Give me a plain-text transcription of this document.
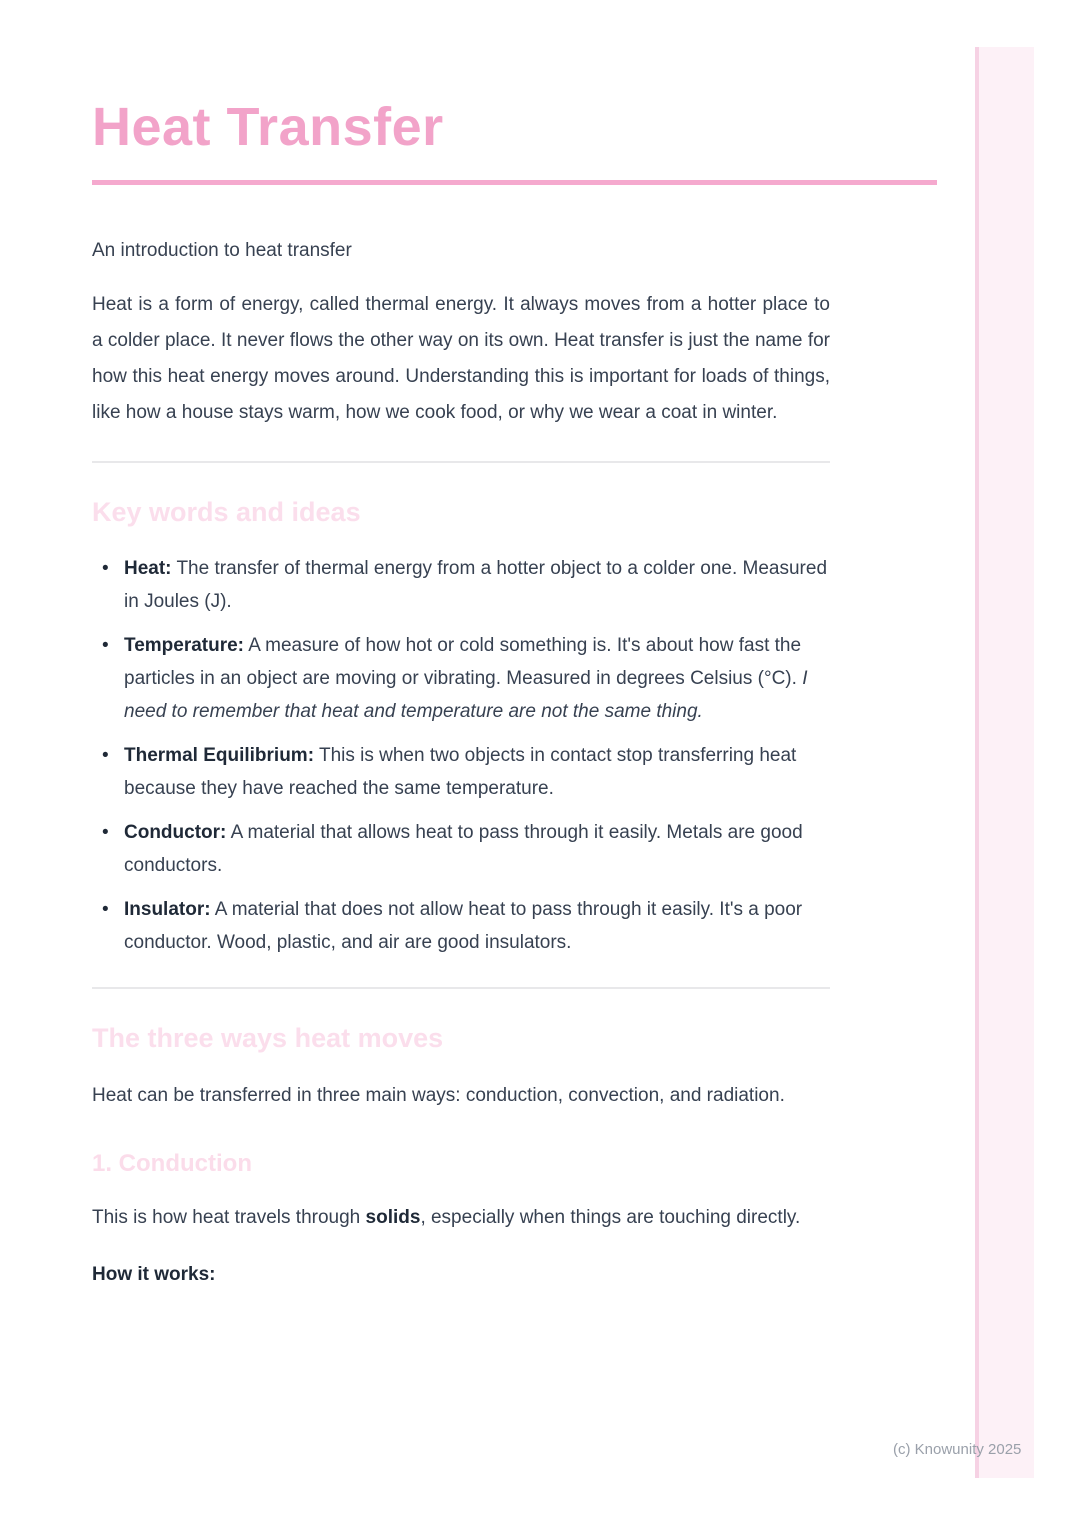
Heat Transfer

An introduction to heat transfer

Heat is a form of energy, called thermal energy. It always moves from a hotter place to a colder place. It never flows the other way on its own. Heat transfer is just the name for how this heat energy moves around. Understanding this is important for loads of things, like how a house stays warm, how we cook food, or why we wear a coat in winter.

Key words and ideas
• Heat: The transfer of thermal energy from a hotter object to a colder one. Measured in Joules (J).
• Temperature: A measure of how hot or cold something is. It's about how fast the particles in an object are moving or vibrating. Measured in degrees Celsius (°C). I need to remember that heat and temperature are not the same thing.
• Thermal Equilibrium: This is when two objects in contact stop transferring heat because they have reached the same temperature.
• Conductor: A material that allows heat to pass through it easily. Metals are good conductors.
• Insulator: A material that does not allow heat to pass through it easily. It's a poor conductor. Wood, plastic, and air are good insulators.
The three ways heat moves

Heat can be transferred in three main ways: conduction, convection, and radiation.

1. Conduction

This is how heat travels through solids, especially when things are touching directly.

How it works:

(c) Knowunity 2025
